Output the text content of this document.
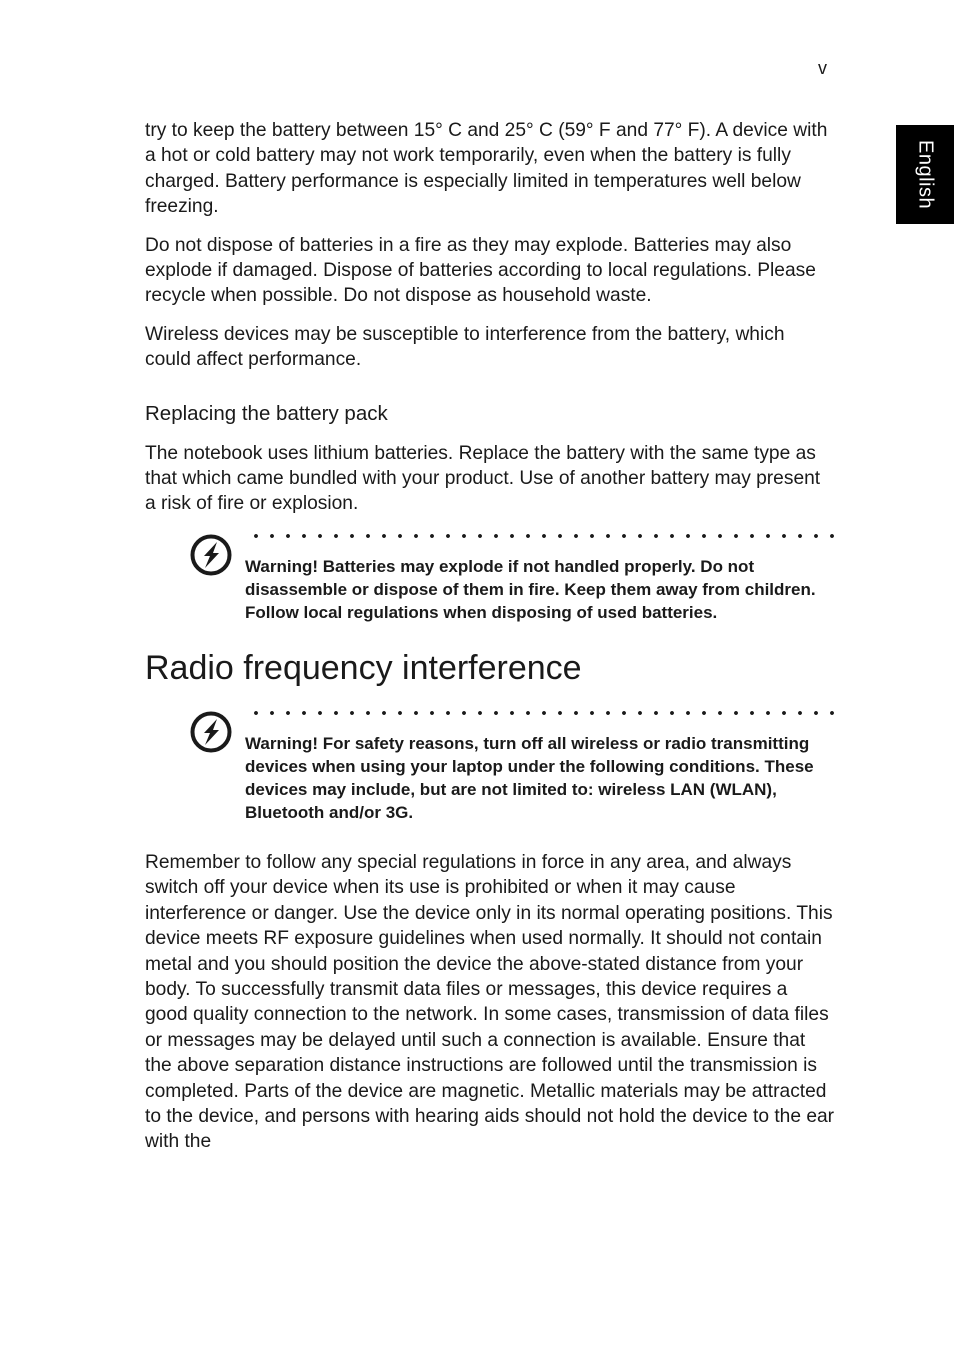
v
English

try to keep the battery between 15° C and 25° C (59° F and 77° F). A device with a hot or cold battery may not work temporarily, even when the battery is fully charged. Battery performance is especially limited in temperatures well below freezing.

Do not dispose of batteries in a fire as they may explode. Batteries may also explode if damaged. Dispose of batteries according to local regulations. Please recycle when possible. Do not dispose as household waste.

Wireless devices may be susceptible to interference from the battery, which could affect performance.

Replacing the battery pack

The notebook uses lithium batteries. Replace the battery with the same type as that which came bundled with your product. Use of another battery may present a risk of fire or explosion.

Warning! Batteries may explode if not handled properly. Do not disassemble or dispose of them in fire. Keep them away from children. Follow local regulations when disposing of used batteries.
Radio frequency interference
Warning! For safety reasons, turn off all wireless or radio transmitting devices when using your laptop under the following conditions. These devices may include, but are not limited to: wireless LAN (WLAN), Bluetooth and/or 3G.

Remember to follow any special regulations in force in any area, and always switch off your device when its use is prohibited or when it may cause interference or danger. Use the device only in its normal operating positions. This device meets RF exposure guidelines when used normally. It should not contain metal and you should position the device the above-stated distance from your body. To successfully transmit data files or messages, this device requires a good quality connection to the network. In some cases, transmission of data files or messages may be delayed until such a connection is available. Ensure that the above separation distance instructions are followed until the transmission is completed. Parts of the device are magnetic. Metallic materials may be attracted to the device, and persons with hearing aids should not hold the device to the ear with the
